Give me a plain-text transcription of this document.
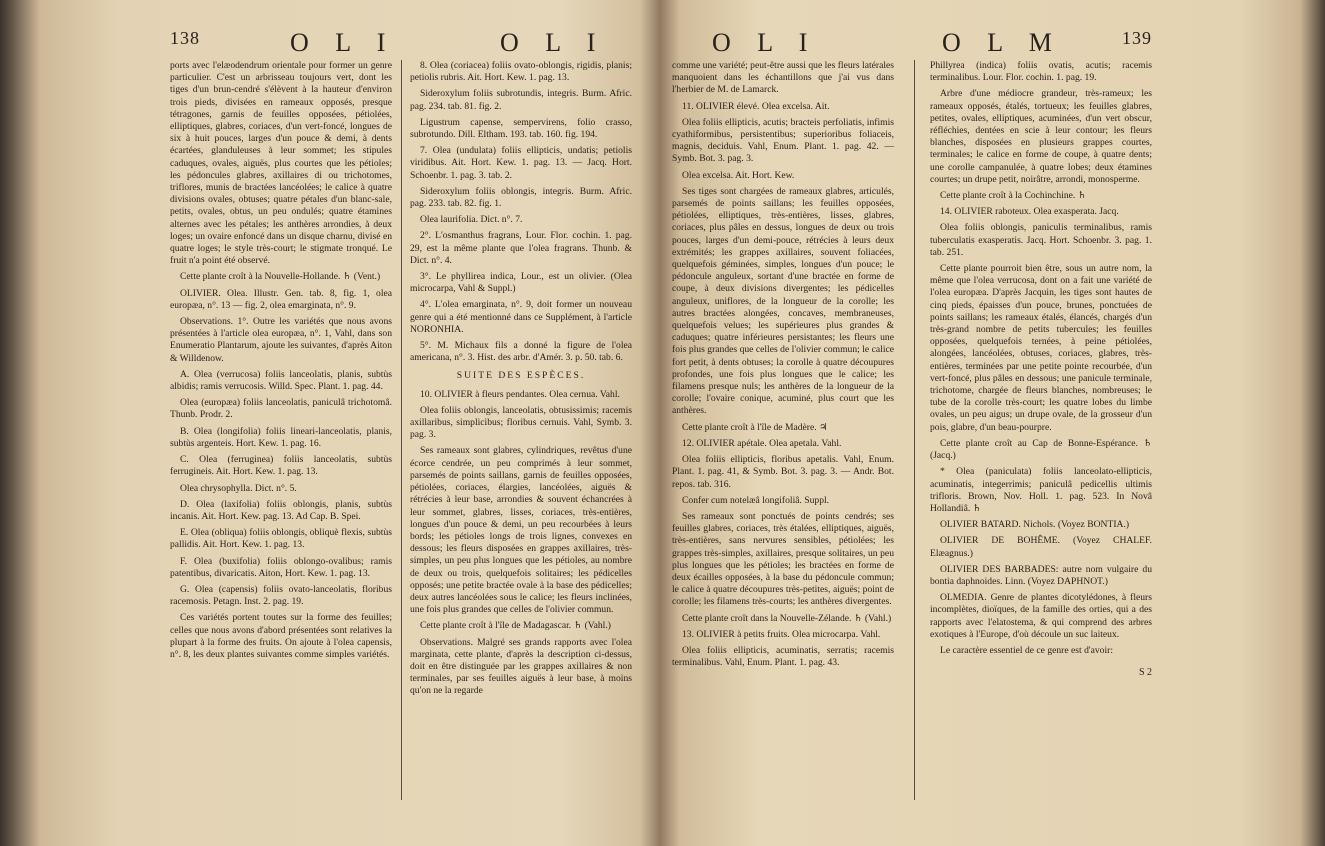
138	O L I	O L I

ports avec l'elæodendrum orientale pour former un genre particulier. C'est un arbrisseau toujours vert, dont les tiges d'un brun-cendré s'élèvent à la hauteur d'environ trois pieds, divisées en rameaux opposés, presque tétragones, garnis de feuilles opposées, pétiolées, elliptiques, glabres, coriaces, d'un vert-foncé, longues de six à huit pouces, larges d'un pouce & demi, à dents écartées, glanduleuses à leur sommet; les stipules caduques, ovales, aiguës, plus courtes que les pétioles; les pédoncules glabres, axillaires di ou trichotomes, triflores, munis de bractées lancéolées; le calice à quatre divisions ovales, obtuses; quatre pétales d'un blanc-sale, petits, ovales, obtus, un peu ondulés; quatre étamines alternes avec les pétales; les anthères arrondies, à deux loges; un ovaire enfoncé dans un disque charnu, divisé en quatre loges; le style très-court; le stigmate tronqué. Le fruit n'a point été observé.

Cette plante croît à la Nouvelle-Hollande. ♄ (Vent.)

OLIVIER. Olea. Illustr. Gen. tab. 8, fig. 1, olea europæa, n°. 13 — fig. 2, olea emarginata, n°. 9.

Observations. 1°. Outre les variétés que nous avons présentées à l'article olea europæa, n°. 1, Vahl, dans son Enumeratio Plantarum, ajoute les suivantes, d'après Aiton & Willdenow.

A. Olea (verrucosa) foliis lanceolatis, planis, subtùs albidis; ramis verrucosis. Willd. Spec. Plant. 1. pag. 44.

Olea (europæa) foliis lanceolatis, paniculâ trichotomâ. Thunb. Prodr. 2.

B. Olea (longifolia) foliis lineari-lanceolatis, planis, subtùs argenteis. Hort. Kew. 1. pag. 16.

C. Olea (ferruginea) foliis lanceolatis, subtùs ferrugineis. Ait. Hort. Kew. 1. pag. 13.

Olea chrysophylla. Dict. n°. 5.

D. Olea (laxifolia) foliis oblongis, planis, subtùs incanis. Ait. Hort. Kew. pag. 13. Ad Cap. B. Spei.

E. Olea (obliqua) foliis oblongis, obliquè flexis, subtùs pallidis. Ait. Hort. Kew. 1. pag. 13.

F. Olea (buxifolia) foliis oblongo-ovalibus; ramis patentibus, divaricatis. Aiton, Hort. Kew. 1. pag. 13.

G. Olea (capensis) foliis ovato-lanceolatis, floribus racemosis. Petagn. Inst. 2. pag. 19.

Ces variétés portent toutes sur la forme des feuilles; celles que nous avons d'abord présentées sont relatives la plupart à la forme des fruits. On ajoute à l'olea capensis, n°. 8, les deux plantes suivantes comme simples variétés.

8. Olea (coriacea) foliis ovato-oblongis, rigidis, planis; petiolis rubris. Ait. Hort. Kew. 1. pag. 13.

Sideroxylum foliis subrotundis, integris. Burm. Afric. pag. 234. tab. 81. fig. 2.

Ligustrum capense, sempervirens, folio crasso, subrotundo. Dill. Eltham. 193. tab. 160. fig. 194.

7. Olea (undulata) foliis ellipticis, undatis; petiolis viridibus. Ait. Hort. Kew. 1. pag. 13. — Jacq. Hort. Schoenbr. 1. pag. 3. tab. 2.

Sideroxylum foliis oblongis, integris. Burm. Afric. pag. 233. tab. 82. fig. 1.

Olea laurifolia. Dict. n°. 7.

2°. L'osmanthus fragrans, Lour. Flor. cochin. 1. pag. 29, est la même plante que l'olea fragrans. Thunb. & Dict. n°. 4.

3°. Le phyllirea indica, Lour., est un olivier. (Olea microcarpa, Vahl & Suppl.)

4°. L'olea emarginata, n°. 9, doit former un nouveau genre qui a été mentionné dans ce Supplément, à l'article NORONHIA.

5°. M. Michaux fils a donné la figure de l'olea americana, n°. 3. Hist. des arbr. d'Amér. 3. p. 50. tab. 6.

SUITE DES ESPÈCES.

10. OLIVIER à fleurs pendantes. Olea cernua. Vahl.

Olea foliis oblongis, lanceolatis, obtusissimis; racemis axillaribus, simplicibus; floribus cernuis. Vahl, Symb. 3. pag. 3.

Ses rameaux sont glabres, cylindriques, revêtus d'une écorce cendrée, un peu comprimés à leur sommet, parsemés de points saillans, garnis de feuilles opposées, pétiolées, coriaces, élargies, lancéolées, aiguës & rétrécies à leur base, arrondies & souvent échancrées à leur sommet, glabres, lisses, coriaces, très-entières, longues d'un pouce & demi, un peu recourbées à leurs bords; les pétioles longs de trois lignes, convexes en dessous; les fleurs disposées en grappes axillaires, très-simples, un peu plus longues que les pétioles, au nombre de deux ou trois, quelquefois solitaires; les pédicelles opposés; une petite bractée ovale à la base des pédicelles; deux autres lancéolées sous le calice; les fleurs inclinées, une fois plus grandes que celles de l'olivier commun.

Cette plante croît à l'île de Madagascar. ♄ (Vahl.)

Observations. Malgré ses grands rapports avec l'olea marginata, cette plante, d'après la description ci-dessus, doit en être distinguée par les grappes axillaires & non terminales, par ses feuilles aiguës à leur base, à moins qu'on ne la regarde

O L I	O L M	139

comme une variété; peut-être aussi que les fleurs latérales manquoient dans les échantillons que j'ai vus dans l'herbier de M. de Lamarck.

11. OLIVIER élevé. Olea excelsa. Ait.

Olea foliis ellipticis, acutis; bracteis perfoliatis, infimis cyathiformibus, persistentibus; superioribus foliaceis, magnis, deciduis. Vahl, Enum. Plant. 1. pag. 42. — Symb. Bot. 3. pag. 3.

Olea excelsa. Ait. Hort. Kew.

Ses tiges sont chargées de rameaux glabres, articulés, parsemés de points saillans; les feuilles opposées, pétiolées, elliptiques, très-entières, lisses, glabres, coriaces, plus pâles en dessus, longues de deux ou trois pouces, larges d'un demi-pouce, rétrécies à leurs deux extrémités; les grappes axillaires, souvent foliacées, quelquefois géminées, simples, longues d'un pouce; le pédoncule anguleux, sortant d'une bractée en forme de coupe, à deux divisions divergentes; les pédicelles anguleux, uniflores, de la longueur de la corolle; les autres bractées alongées, concaves, membraneuses, quelquefois velues; les supérieures plus grandes & caduques; quatre inférieures persistantes; les fleurs une fois plus grandes que celles de l'olivier commun; le calice fort petit, à dents obtuses; la corolle à quatre découpures profondes, une fois plus longues que le calice; les filamens presque nuls; les anthères de la longueur de la corolle; l'ovaire conique, acuminé, plus court que les anthères.

Cette plante croît à l'île de Madère. ♃

12. OLIVIER apétale. Olea apetala. Vahl.

Olea foliis ellipticis, floribus apetalis. Vahl, Enum. Plant. 1. pag. 41, & Symb. Bot. 3. pag. 3. — Andr. Bot. repos. tab. 316.

Confer cum notelæâ longifoliâ. Suppl.

Ses rameaux sont ponctués de points cendrés; ses feuilles glabres, coriaces, très étalées, elliptiques, aiguës, très-entières, sans nervures sensibles, pétiolées; les grappes très-simples, axillaires, presque solitaires, un peu plus longues que les pétioles; les bractées en forme de deux écailles opposées, à la base du pédoncule commun; le calice à quatre découpures très-petites, aiguës; point de corolle; les filamens très-courts; les anthères divergentes.

Cette plante croît dans la Nouvelle-Zélande. ♄ (Vahl.)

13. OLIVIER à petits fruits. Olea microcarpa. Vahl.

Olea foliis ellipticis, acuminatis, serratis; racemis terminalibus. Vahl, Enum. Plant. 1. pag. 43.

Phillyrea (indica) foliis ovatis, acutis; racemis terminalibus. Lour. Flor. cochin. 1. pag. 19.

Arbre d'une médiocre grandeur, très-rameux; les rameaux opposés, étalés, tortueux; les feuilles glabres, petites, ovales, elliptiques, acuminées, d'un vert obscur, réfléchies, dentées en scie à leur contour; les fleurs blanches, disposées en plusieurs grappes courtes, terminales; le calice en forme de coupe, à quatre dents; une corolle campanulée, à quatre lobes; deux étamines courtes; un drupe petit, noirâtre, arrondi, monosperme.

Cette plante croît à la Cochinchine. ♄

14. OLIVIER raboteux. Olea exasperata. Jacq.

Olea foliis oblongis, paniculis terminalibus, ramis tuberculatis exasperatis. Jacq. Hort. Schoenbr. 3. pag. 1. tab. 251.

Cette plante pourroit bien être, sous un autre nom, la même que l'olea verrucosa, dont on a fait une variété de l'olea europæa. D'après Jacquin, les tiges sont hautes de cinq pieds, épaisses d'un pouce, brunes, ponctuées de points saillans; les rameaux étalés, élancés, chargés d'un très-grand nombre de petits tubercules; les feuilles opposées, quelquefois ternées, à peine pétiolées, alongées, lancéolées, obtuses, coriaces, glabres, très-entières, terminées par une petite pointe recourbée, d'un vert-foncé, plus pâles en dessous; une panicule terminale, trichotome, chargée de fleurs blanches, nombreuses; le tube de la corolle très-court; les quatre lobes du limbe ovales, un peu aigus; un drupe ovale, de la grosseur d'un pois, glabre, d'un beau-pourpre.

Cette plante croît au Cap de Bonne-Espérance. ♄ (Jacq.)

* Olea (paniculata) foliis lanceolato-ellipticis, acuminatis, integerrimis; paniculâ pedicellis ultimis trifloris. Brown, Nov. Holl. 1. pag. 523. In Novâ Hollandiâ. ♄

OLIVIER BATARD. Nichols. (Voyez BONTIA.)

OLIVIER DE BOHÊME. (Voyez CHALEF. Elæagnus.)

OLIVIER DES BARBADES: autre nom vulgaire du bontia daphnoides. Linn. (Voyez DAPHNOT.)

OLMEDIA. Genre de plantes dicotylédones, à fleurs incomplètes, dioïques, de la famille des orties, qui a des rapports avec l'elatostema, & qui comprend des arbres exotiques à l'Europe, d'où découle un suc laiteux.

Le caractère essentiel de ce genre est d'avoir:

S 2
